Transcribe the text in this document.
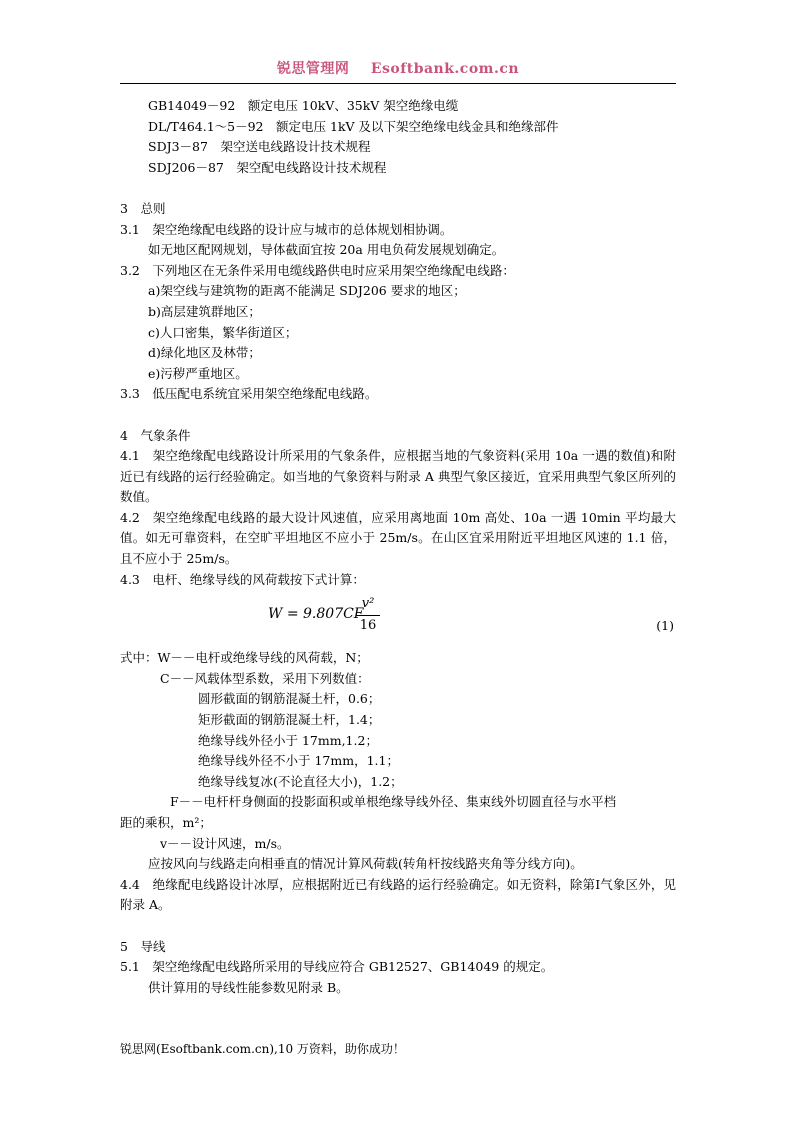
锐思管理网 Esoftbank.com.cn

GB14049－92　额定电压 10kV、35kV 架空绝缘电缆

DL/T464.1～5－92　额定电压 1kV 及以下架空绝缘电线金具和绝缘部件

SDJ3－87　架空送电线路设计技术规程

SDJ206－87　架空配电线路设计技术规程

3　总则

3.1　架空绝缘配电线路的设计应与城市的总体规划相协调。

如无地区配网规划，导体截面宜按 20a 用电负荷发展规划确定。

3.2　下列地区在无条件采用电缆线路供电时应采用架空绝缘配电线路：

a)架空线与建筑物的距离不能满足 SDJ206 要求的地区；

b)高层建筑群地区；

c)人口密集，繁华街道区；

d)绿化地区及林带；

e)污秽严重地区。

3.3　低压配电系统宜采用架空绝缘配电线路。

4　气象条件

4.1　架空绝缘配电线路设计所采用的气象条件，应根据当地的气象资料(采用 10a 一遇的数值)和附近已有线路的运行经验确定。如当地的气象资料与附录 A 典型气象区接近，宜采用典型气象区所列的数值。

4.2　架空绝缘配电线路的最大设计风速值，应采用离地面 10m 高处、10a 一遇 10min 平均最大值。如无可靠资料，在空旷平坦地区不应小于 25m/s。在山区宜采用附近平坦地区风速的 1.1 倍，且不应小于 25m/s。

4.3　电杆、绝缘导线的风荷载按下式计算：

W = 9.807CF
$\frac{\text{v²}}{16}$	(1)

式中：W－－电杆或绝缘导线的风荷载，N；

C－－风载体型系数，采用下列数值：

圆形截面的钢筋混凝土杆，0.6；

矩形截面的钢筋混凝土杆，1.4；

绝缘导线外径小于 17mm,1.2；

绝缘导线外径不小于 17mm，1.1；

绝缘导线复冰(不论直径大小)，1.2；

F－－电杆杆身侧面的投影面积或单根绝缘导线外径、集束线外切圆直径与水平档

距的乘积，m²；

v－－设计风速，m/s。

应按风向与线路走向相垂直的情况计算风荷载(转角杆按线路夹角等分线方向)。

4.4　绝缘配电线路设计冰厚，应根据附近已有线路的运行经验确定。如无资料，除第Ⅰ气象区外，见附录 A。

5　导线

5.1　架空绝缘配电线路所采用的导线应符合 GB12527、GB14049 的规定。

供计算用的导线性能参数见附录 B。

锐思网(Esoftbank.com.cn),10 万资料，助你成功！
